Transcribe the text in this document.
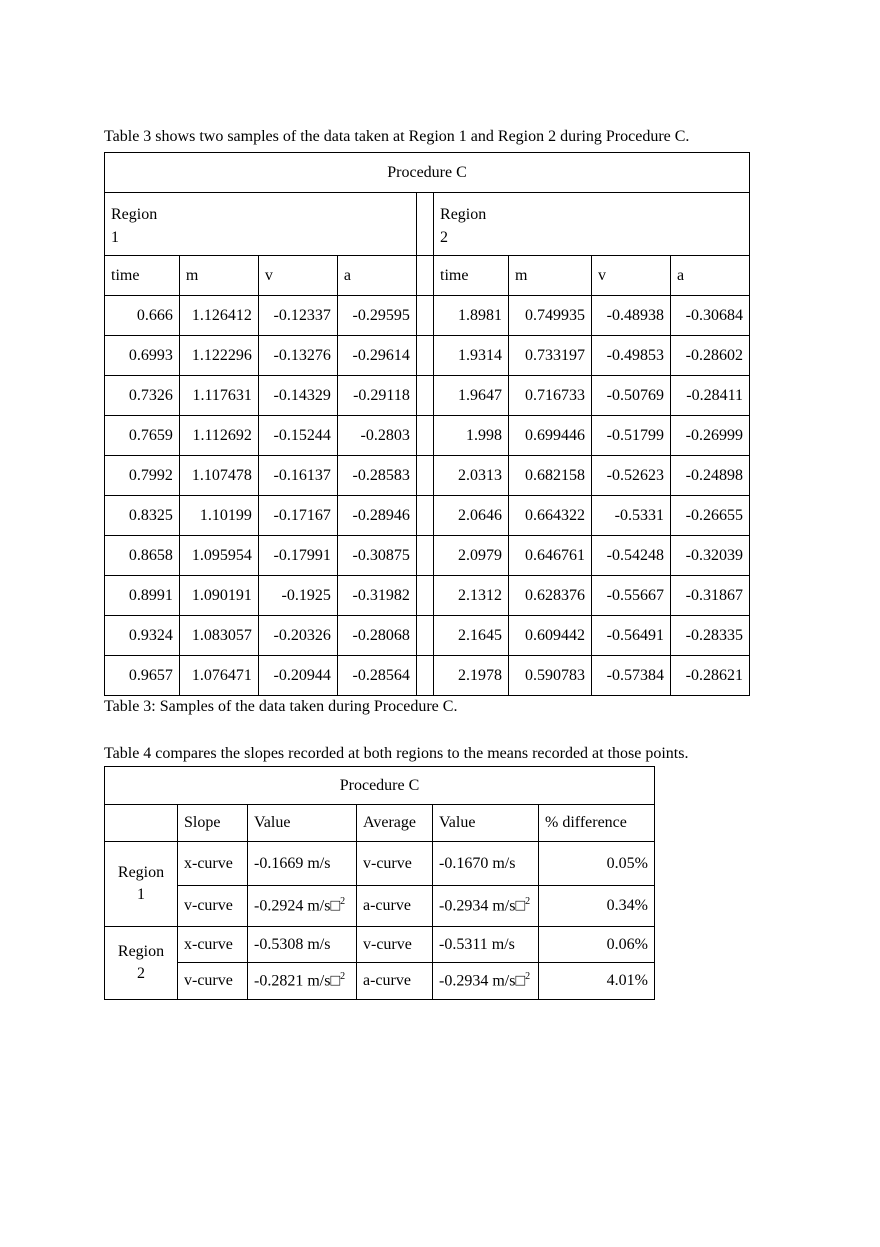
Table 3 shows two samples of the data taken at Region 1 and Region 2 during Procedure C.
Procedure C								
Region
1					Region
2			
time	m	v	a		time	m	v	a
0.666	1.126412	-0.12337	-0.29595		1.8981	0.749935	-0.48938	-0.30684
0.6993	1.122296	-0.13276	-0.29614		1.9314	0.733197	-0.49853	-0.28602
0.7326	1.117631	-0.14329	-0.29118		1.9647	0.716733	-0.50769	-0.28411
0.7659	1.112692	-0.15244	-0.2803		1.998	0.699446	-0.51799	-0.26999
0.7992	1.107478	-0.16137	-0.28583		2.0313	0.682158	-0.52623	-0.24898
0.8325	1.10199	-0.17167	-0.28946		2.0646	0.664322	-0.5331	-0.26655
0.8658	1.095954	-0.17991	-0.30875		2.0979	0.646761	-0.54248	-0.32039
0.8991	1.090191	-0.1925	-0.31982		2.1312	0.628376	-0.55667	-0.31867
0.9324	1.083057	-0.20326	-0.28068		2.1645	0.609442	-0.56491	-0.28335
0.9657	1.076471	-0.20944	-0.28564		2.1978	0.590783	-0.57384	-0.28621
Table 3: Samples of the data taken during Procedure C.
Table 4 compares the slopes recorded at both regions to the means recorded at those points.
Procedure C					
	Slope	Value	Average	Value	% difference
Region
1	x-curve	-0.1669 m/s	v-curve	-0.1670 m/s	0.05%
	v-curve	-0.2924 m/s□$^2$	a-curve	-0.2934 m/s□$^2$	0.34%
Region
2	x-curve	-0.5308 m/s	v-curve	-0.5311 m/s	0.06%
	v-curve	-0.2821 m/s□$^2$	a-curve	-0.2934 m/s□$^2$	4.01%
